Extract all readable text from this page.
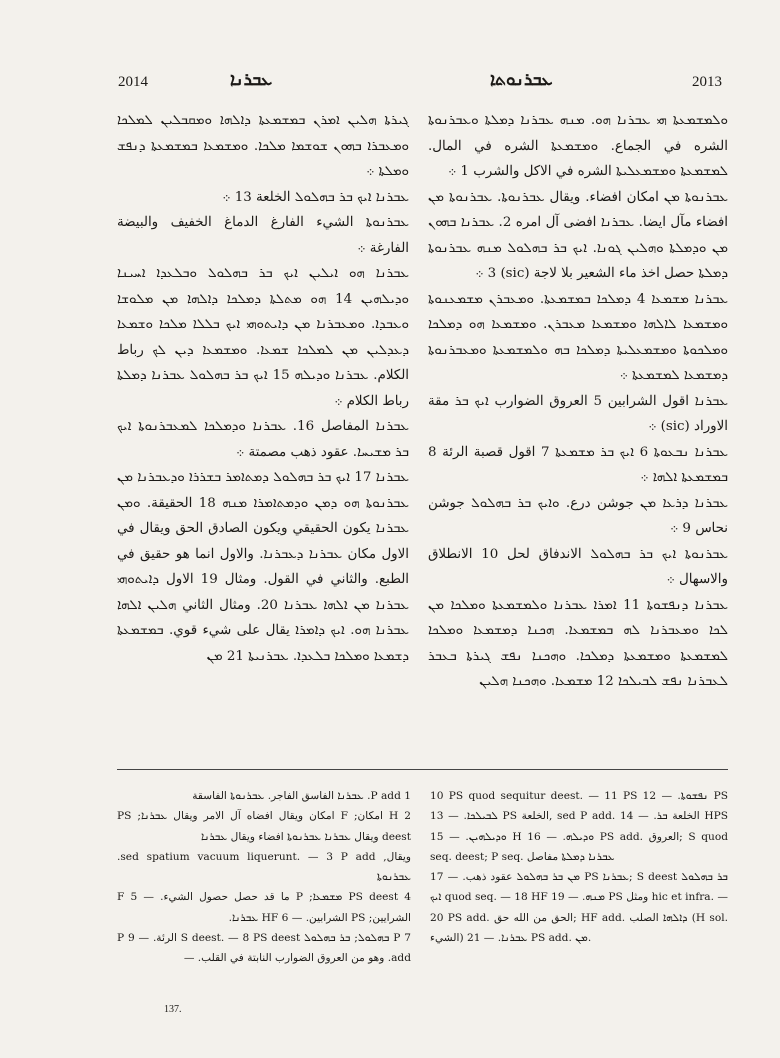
2014	ܥܒܪܢܐ	ܥܒܪܢܘܬܐ	2013

ܓܝܪܬܐ ܗܠܝܢ ܐܡܪܢ ܒܡܫܡܥܬܐ ܕܐܠܗܐ ܘܡܩܒܠܝܢ ܠܡܠܟܐ ܘܡܥܒܪܐ ܒܗܘܢ ܫܘܫܡܐ ܡܠܟܐ. ܘܡܫܡܥܐ ܒܡܫܡܥܬܐ ܕܢܦܫ ܘܡܠܬܐ ܀

ܥܒܪܢܐ ܐܝܟ ܒܪ ܒܗܠܘܠ الخلعة 13 ܀

ܥܒܪܢܘܬܐ الشيء الفارغ الدماغ الخفيف والبيضة الفارغة ܀

ܥܒܪܢܐ ܗܘ ܐܝܠܝܢ ܐܝܟ ܒܪ ܒܗܠܘܠ ܘܒܠܥܕܐ ܐܚܝܢܐ ܘܕܝܠܗܝܢ 14 ܗܘ ܡܬܠܬܐ ܕܡܠܟܐ ܕܐܠܗܐ ܡܢ ܡܠܘܫܐ ܘܥܒܕܐ. ܘܡܥܒܪܢܐ ܡܢ ܕܐܝܬܘܗܝ ܐܝܟ ܒܠܠܐ ܡܠܟܐ ܘܫܡܥܐ ܕܥܕܠܝܢ ܡܢ ܠܡܠܟܐ ܫܡܥܐ. ܘܡܫܡܥܐ ܕܝܢ ܠܟ رباط الكلام. ܥܒܪܢܐ ܘܕܝܠܗ 15 ܐܝܟ ܒܪ ܒܗܠܘܠ ܥܒܪܢܐ ܕܡܠܬܐ رباط الكلام ܀

ܥܒܪܢܐ المفاصل 16. ܥܒܪܢܐ ܘܕܡܠܟܐ ܠܡܥܒܪܢܘܬܐ ܐܝܟ ܒܪ ܡܫܝܚܐ. عقود ذهب مصمتة ܀

ܥܒܪܢܐ 17 ܐܝܟ ܒܪ ܒܗܠܘܠ ܕܡܬܐܡܪ ܒܫܪܪܐ ܘܕܥܒܪܢܐ ܡܢ ܥܒܪܢܘܬܐ ܗܘ ܕܡܢ ܘܕܡܬܐܡܪܐ ܡܢܗ 18 الحقيقة. ܘܡܢ ܥܒܪܢܐ يكون الحقيقي ويكون الصادق الحق ويقال في الاول مكان ܥܒܪܢܐ ܕܥܒܪܢܐ. والاول انما هو حقيق في الطبع. والثاني في القول. ومثال 19 الاول ܕܐܝܬܘܗܝ ܥܒܪܢܐ ܡܢ ܐܠܗܐ ܥܒܪܢܐ 20. ومثال الثاني ܗܠܝܢ ܐܠܗܐ ܥܒܪܢܐ ܗܘ. ܐܝܟ ܕܐܡܪܐ يقال على شيء قوي. ܒܡܫܡܥܬܐ ܕܫܡܥܐ ܘܡܠܟܐ ܒܠܥܕܐ. ܥܒܪܢܝܬܐ 21 ܡܢ

ܘܠܡܫܡܥܬܐ ܗܝ ܥܒܪܢܐ ܗܘ. ܡܢܗ ܥܒܪܢܐ ܕܡܠܬܐ ܘܥܒܪܢܘܬܐ الشره في الجماع. ܘܡܫܡܥܬܐ الشره في المال. ܠܡܫܡܥܬܐ ܘܡܫܡܥܠܝܬܐ الشره في الاكل والشرب 1 ܀

ܥܒܪܢܘܬܐ ܡܢ امكان افضاء. ويقال ܥܒܪܢܘܬܐ. ܥܒܪܢܘܬܐ ܡܢ افضاء مآل ايضا. ܥܒܪܢܐ افضى آل امره 2. ܥܒܪܢܐ ܒܗܘܢ ܡܢ ܘܕܡܠܬܐ ܘܗܠܝܢ ܓܘܢܐ. ܐܝܟ ܒܪ ܒܗܠܘܠ ܡܢܗ ܥܒܪܢܘܬܐ ܕܡܠܬܐ حصل اخذ ماء الشعير بلا لاجة (sic) 3 ܀

ܥܒܪܢܐ ܡܫܡܥܐ 4 ܕܡܠܟܐ ܒܡܫܡܥܬܐ. ܘܡܥܒܪܢ ܡܫܡܥܢܘܬܐ ܘܡܫܡܥܐ ܠܐܠܗܐ ܘܡܫܡܥܐ ܡܥܒܪܢ. ܘܡܫܡܥܐ ܗܘ ܕܡܠܟܐ ܘܡܠܟܘܬܐ ܘܡܫܡܥܠܝܬܐ ܕܡܠܟܐ ܒܗ ܘܠܡܫܡܥܬܐ ܘܡܥܒܪܢܘܬܐ ܕܡܫܡܥܐ ܠܡܫܡܥܬܐ ܀

ܥܒܪܢܐ اقول الشرابين 5 العروق الضوارب ܐܝܟ ܒܪ مقة الاوراد (sic) ܀

ܥܒܪܢܐ ܢܒܥܘܬܐ 6 ܐܝܟ ܒܪ ܡܫܡܥܬܐ 7 اقول قصبة الرئة 8 ܒܡܫܡܥܬܐ ܐܠܗܐ ܀

ܥܒܪܢܐ ܕܪܥܐ ܡܢ جوشن درع. ܘܐܝܟ ܒܪ ܒܗܠܘܠ جوشن نحاس 9 ܀

ܥܒܪܢܘܬܐ ܐܝܟ ܒܪ ܒܗܠܘܠ الاندفاق لحل 10 الانطلاق والاسهال ܀

ܥܒܪܢܐ ܕܢܦܫܘܬܐ 11 ܐܡܪܐ ܥܒܪܢܐ ܘܠܡܫܡܥܬܐ ܘܡܠܟܐ ܡܢ ܠܟܐ ܘܡܥܒܪܢܐ ܠܗ ܒܡܫܡܥܐ. ܗܟܢܐ ܕܡܫܡܥܐ ܘܡܠܟܐ ܠܡܫܡܥܬܐ ܘܡܫܡܥܬܐ ܕܡܠܟܐ. ܘܗܟܢܐ ܢܦܫ ܓܝܪܬܐ ܒܥܒܪ ܠܥܒܪܢܐ ܢܦܫ ܠܒܝܠܟܐ 12 ܡܫܡܥܐ. ܘܗܟܢܐ ܗܠܝܢ

1 P add. ܥܒܪܢܐ الفاسق الفاجر. ܥܒܪܢܘܬܐ الفاسقة

2 H امكان; F امكان ويقال افضاه آل الامر ويقال ܥܒܪܢܐ; PS deest ويقال ܥܒܪܢܐ ܥܒܪܢܘܬܐ افضاء ويقال ܥܒܪܢܐ

ويقال, sed spatium vacuum liquerunt. — 3 P add. ܥܒܪܢܘܬܐ

4 PS deest ܡܫܡܥܐ; P ما قد حصل حصول الشيء. — 5 F الشرايين; PS الشرابين. — 6 HF ܥܒܪܢܐ.

7 P ܒܗܠܘܠ; ܒܪ ܒܗܠܘܠ S deest. — 8 PS deest الرئة. — 9 P add. وهو من العروق الضوارب النابتة في القلب. —

10 PS quod sequitur deest. — 11 PS ܢܦܫܘܬܐ. — 12 PS ܠܒܝܠܟܐ. — 13 PS الخلعة, sed P add. الخلعة ܒܪ. — 14 HPS ܘܕܝܠܗܝܢ. — 15 H ܘܕܝܠܗ. — 16 PS add. العروق; S quod seq. deest; P seq. ܥܒܪܢܐ ܕܡܠܬܐ مفاصل

ܡܢ ܒܪ ܒܗܠܘܠ عقود ذهب. — 17 PS ܥܒܪܢܐ; S deest ܒܪ ܒܗܠܘܠ ܐܝܟ quod seq. — 18 HF ܡܢܗ. — 19 PS ومثل hic et infra. — 20 PS add. الحق من الله حق; HF add. ܕܐܠܗܐ الصلب (H sol. الشيء) ܥܒܪܢܐ. — 21 PS add. ܡܢ.

137.
